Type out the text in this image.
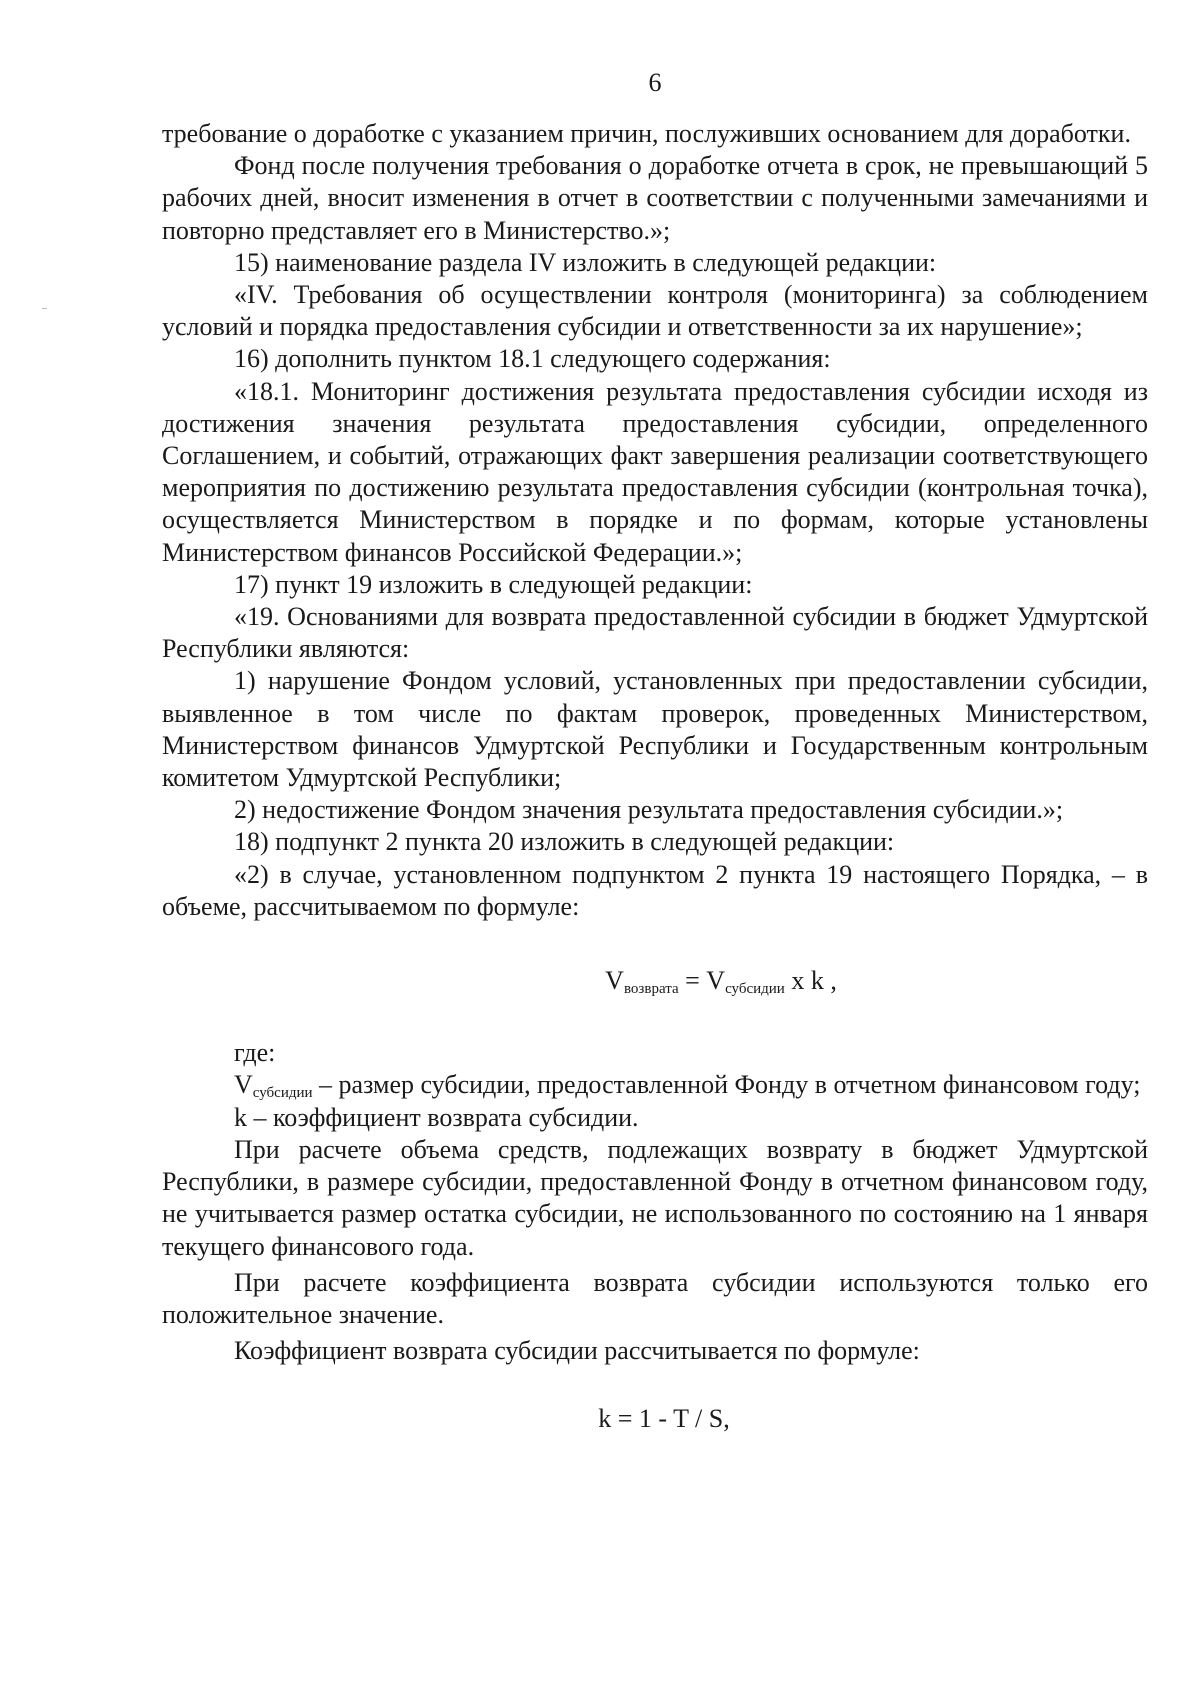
6

требование о доработке с указанием причин, послуживших основанием для доработки.

Фонд после получения требования о доработке отчета в срок, не превышающий 5 рабочих дней, вносит изменения в отчет в соответствии с полученными замечаниями и повторно представляет его в Министерство.»;

15) наименование раздела IV изложить в следующей редакции:

«IV. Требования об осуществлении контроля (мониторинга) за соблюдением условий и порядка предоставления субсидии и ответственности за их нарушение»;

16) дополнить пунктом 18.1 следующего содержания:

«18.1. Мониторинг достижения результата предоставления субсидии исходя из достижения значения результата предоставления субсидии, определенного Соглашением, и событий, отражающих факт завершения реализации соответствующего мероприятия по достижению результата предоставления субсидии (контрольная точка), осуществляется Министерством в порядке и по формам, которые установлены Министерством финансов Российской Федерации.»;

17) пункт 19 изложить в следующей редакции:

«19. Основаниями для возврата предоставленной субсидии в бюджет Удмуртской Республики являются:

1) нарушение Фондом условий, установленных при предоставлении субсидии, выявленное в том числе по фактам проверок, проведенных Министерством, Министерством финансов Удмуртской Республики и Государственным контрольным комитетом Удмуртской Республики;

2) недостижение Фондом значения результата предоставления субсидии.»;

18) подпункт 2 пункта 20 изложить в следующей редакции:

«2) в случае, установленном подпунктом 2 пункта 19 настоящего Порядка, – в объеме, рассчитываемом по формуле:

$V_{возврата} = V_{субсидии}$ x k ,

где:

$V_{субсидии}$ – размер субсидии, предоставленной Фонду в отчетном финансовом году;

k – коэффициент возврата субсидии.

При расчете объема средств, подлежащих возврату в бюджет Удмуртской Республики, в размере субсидии, предоставленной Фонду в отчетном финансовом году, не учитывается размер остатка субсидии, не использованного по состоянию на 1 января текущего финансового года.

При расчете коэффициента возврата субсидии используются только его положительное значение.

Коэффициент возврата субсидии рассчитывается по формуле:

k = 1 - T / S,
